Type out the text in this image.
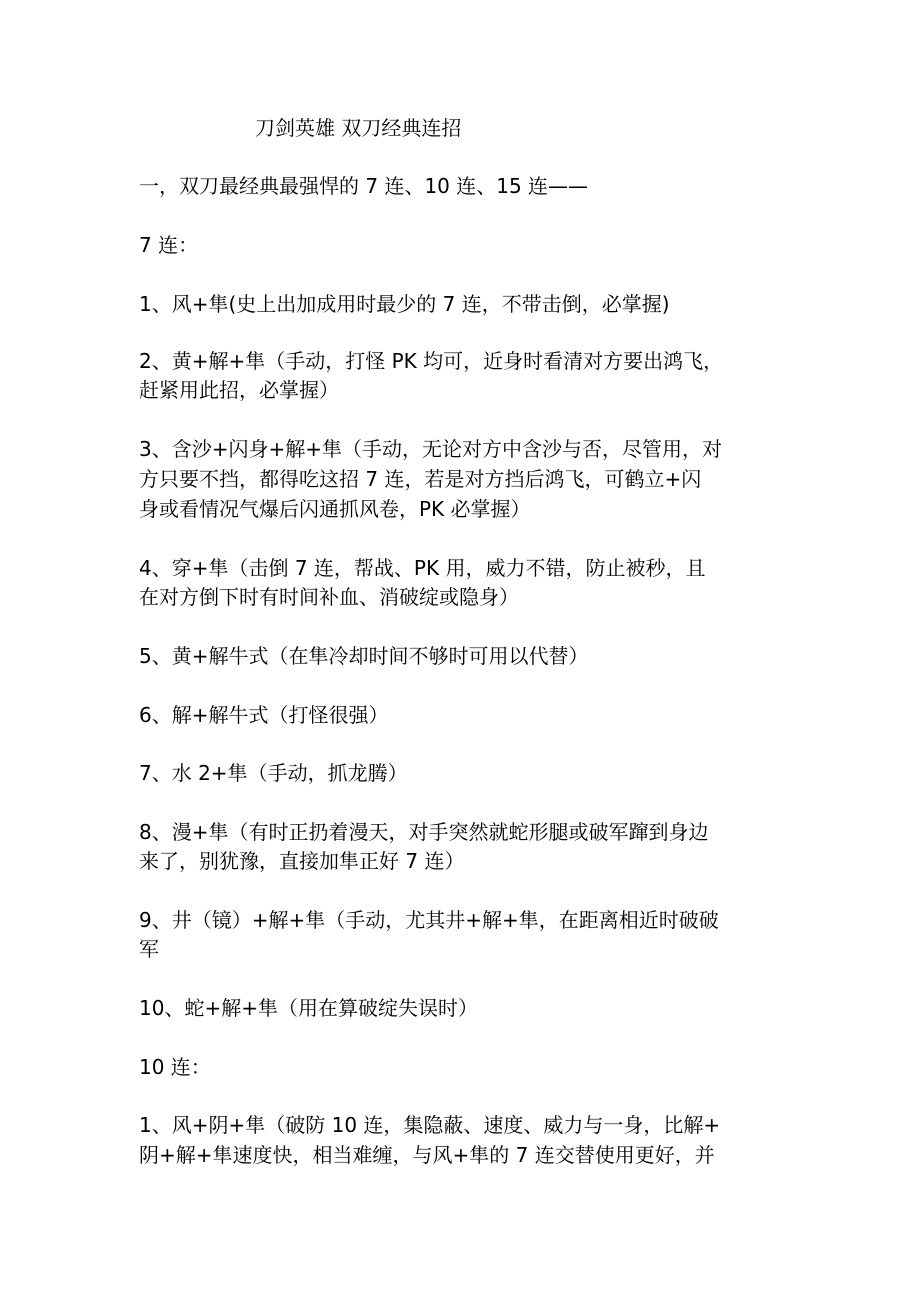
刀剑英雄 双刀经典连招
一，双刀最经典最强悍的 7 连、10 连、15 连——
7 连：
1、风+隼(史上出加成用时最少的 7 连，不带击倒，必掌握)
2、黄+解+隼（手动，打怪 PK 均可，近身时看清对方要出鸿飞，
赶紧用此招，必掌握）
3、含沙+闪身+解+隼（手动，无论对方中含沙与否，尽管用，对
方只要不挡，都得吃这招 7 连，若是对方挡后鸿飞，可鹤立+闪
身或看情况气爆后闪通抓风卷，PK 必掌握）
4、穿+隼（击倒 7 连，帮战、PK 用，威力不错，防止被秒，且
在对方倒下时有时间补血、消破绽或隐身）
5、黄+解牛式（在隼冷却时间不够时可用以代替）
6、解+解牛式（打怪很强）
7、水 2+隼（手动，抓龙腾）
8、漫+隼（有时正扔着漫天，对手突然就蛇形腿或破军蹿到身边
来了，别犹豫，直接加隼正好 7 连）
9、井（镜）+解+隼（手动，尤其井+解+隼，在距离相近时破破
军
10、蛇+解+隼（用在算破绽失误时）
10 连：
1、风+阴+隼（破防 10 连，集隐蔽、速度、威力与一身，比解+
阴+解+隼速度快，相当难缠，与风+隼的 7 连交替使用更好，并
